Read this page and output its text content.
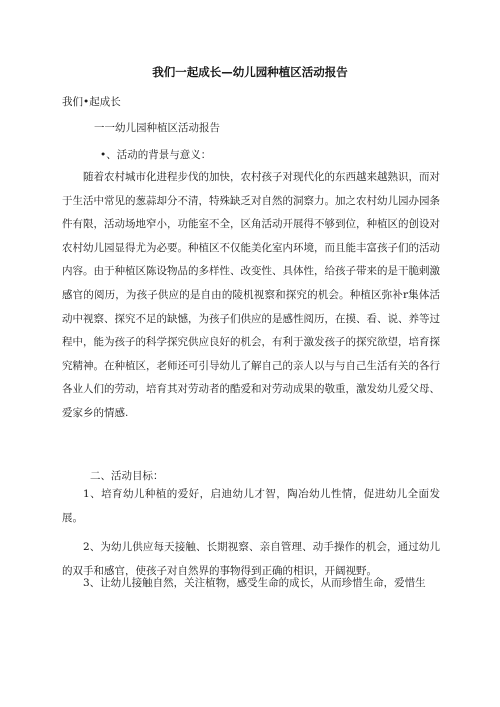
我们一起成长—幼儿园种植区活动报告
我们•起成长
一一幼儿园种植区活动报告
•、活动的背景与意义：
随着农村城市化进程步伐的加快，农村孩子对现代化的东西越来越熟识，而对于生活中常见的葱蒜却分不清，特殊缺乏对自然的洞察力。加之农村幼儿园办园条件有限，活动场地窄小，功能室不全，区角活动开展得不够到位，种植区的创设对农村幼儿园显得尤为必要。种植区不仅能美化室内环境，而且能丰富孩子们的活动内容。由于种植区陈设物品的多样性、改变性、具体性，给孩子带来的是干脆剌激感官的阅历，为孩子供应的是自由的陵机视察和探究的机会。种植区弥补r集体活动中视察、探究不足的缺憾，为孩子们供应的是感性阅历，在摸、看、说、养等过程中，能为孩子的科学探究供应良好的机会，有利于激发孩子的探究欲望，培育探究精神。在种植区，老师还可引导幼儿了解自己的亲人以与与自己生活有关的各行各业人们的劳动，培育其对劳动者的酷爱和对劳动成果的敬重，激发幼儿爱父母、爱家乡的情感.
二、活动目标：
1、培育幼儿种植的爱好，启迪幼儿才智，陶冶幼儿性情，促进幼儿全面发展。
2、为幼儿供应每天接触、长期视察、亲自管理、动手操作的机会，通过幼儿的双手和感官，使孩子对自然界的事物得到正确的相识，开阔视野。
3、让幼儿接触自然，关注植物，感受生命的成长，从而珍惜生命，爱惜生
